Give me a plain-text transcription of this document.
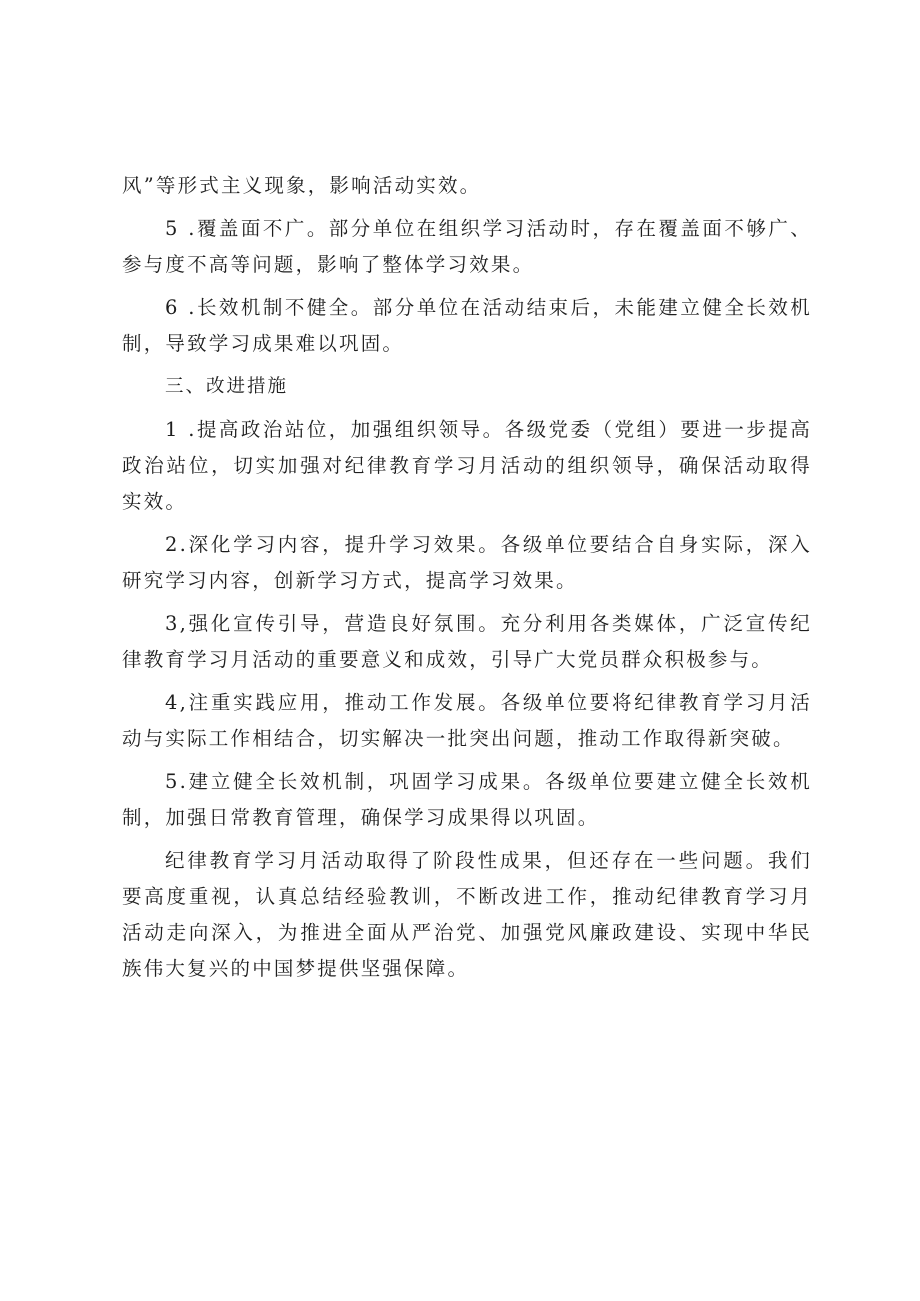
风”等形式主义现象，影响活动实效。

5 .覆盖面不广。部分单位在组织学习活动时，存在覆盖面不够广、参与度不高等问题，影响了整体学习效果。

6 .长效机制不健全。部分单位在活动结束后，未能建立健全长效机制，导致学习成果难以巩固。

三、改进措施

1 .提高政治站位，加强组织领导。各级党委（党组）要进一步提高政治站位，切实加强对纪律教育学习月活动的组织领导，确保活动取得实效。

2.深化学习内容，提升学习效果。各级单位要结合自身实际，深入研究学习内容，创新学习方式，提高学习效果。

3,强化宣传引导，营造良好氛围。充分利用各类媒体，广泛宣传纪律教育学习月活动的重要意义和成效，引导广大党员群众积极参与。

4,注重实践应用，推动工作发展。各级单位要将纪律教育学习月活动与实际工作相结合，切实解决一批突出问题，推动工作取得新突破。

5.建立健全长效机制，巩固学习成果。各级单位要建立健全长效机制，加强日常教育管理，确保学习成果得以巩固。

纪律教育学习月活动取得了阶段性成果，但还存在一些问题。我们要高度重视，认真总结经验教训，不断改进工作，推动纪律教育学习月活动走向深入，为推进全面从严治党、加强党风廉政建设、实现中华民族伟大复兴的中国梦提供坚强保障。
